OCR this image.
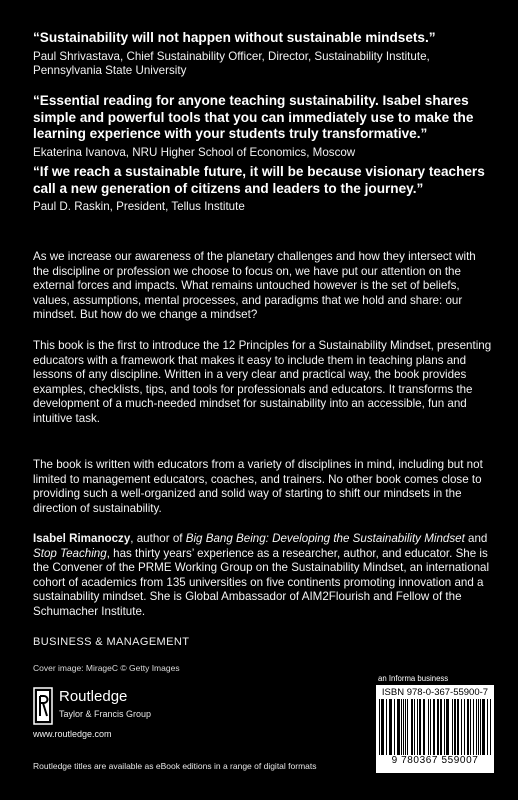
“Sustainability will not happen without sustainable mindsets.”

Paul Shrivastava, Chief Sustainability Officer, Director, Sustainability Institute, Pennsylvania State University

“Essential reading for anyone teaching sustainability. Isabel shares simple and powerful tools that you can immediately use to make the learning experience with your students truly transformative.”

Ekaterina Ivanova, NRU Higher School of Economics, Moscow

“If we reach a sustainable future, it will be because visionary teachers call a new generation of citizens and leaders to the journey.”

Paul D. Raskin, President, Tellus Institute

As we increase our awareness of the planetary challenges and how they intersect with the discipline or profession we choose to focus on, we have put our attention on the external forces and impacts. What remains untouched however is the set of beliefs, values, assumptions, mental processes, and paradigms that we hold and share: our mindset. But how do we change a mindset?

This book is the first to introduce the 12 Principles for a Sustainability Mindset, presenting educators with a framework that makes it easy to include them in teaching plans and lessons of any discipline. Written in a very clear and practical way, the book provides examples, checklists, tips, and tools for professionals and educators. It transforms the development of a much-needed mindset for sustainability into an accessible, fun and intuitive task.

The book is written with educators from a variety of disciplines in mind, including but not limited to management educators, coaches, and trainers. No other book comes close to providing such a well-organized and solid way of starting to shift our mindsets in the direction of sustainability.

Isabel Rimanoczy, author of Big Bang Being: Developing the Sustainability Mindset and Stop Teaching, has thirty years’ experience as a researcher, author, and educator. She is the Convener of the PRME Working Group on the Sustainability Mindset, an international cohort of academics from 135 universities on five continents promoting innovation and a sustainability mindset. She is Global Ambassador of AIM2Flourish and Fellow of the Schumacher Institute.

BUSINESS & MANAGEMENT
Cover image: MirageC © Getty Images
Routledge
Taylor & Francis Group
www.routledge.com
an Informa business
ISBN 978-0-367-55900-7
9 780367 559007
Routledge titles are available as eBook editions in a range of digital formats
